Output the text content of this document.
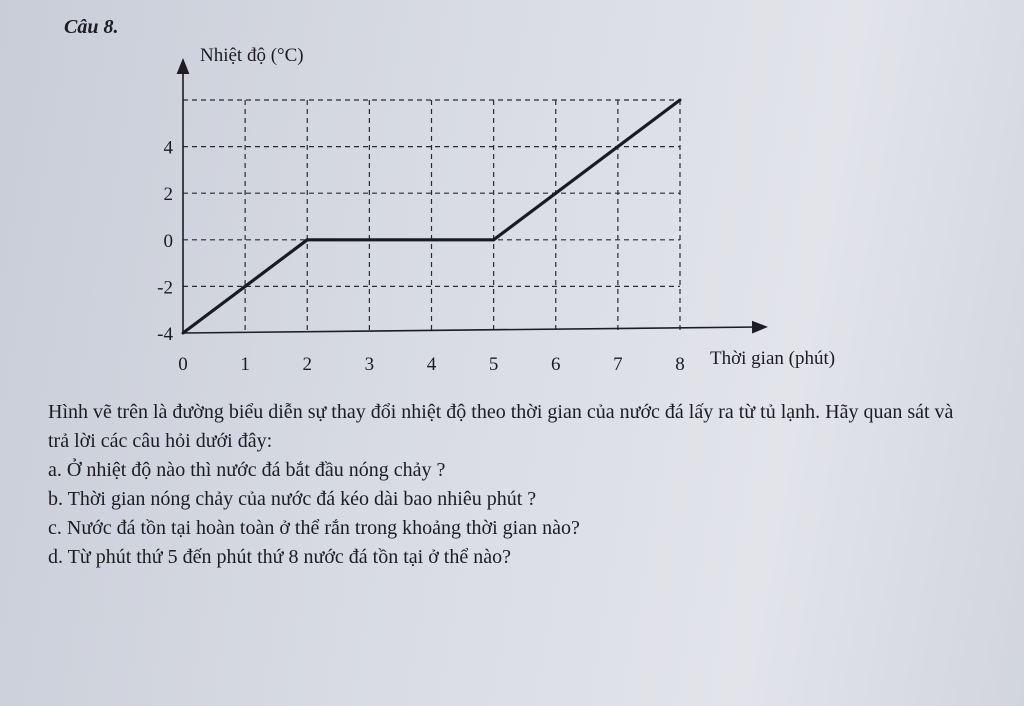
Câu 8.
0	1	2	3	4	5	6	7	8
-4
-2
0
2
4
Nhiệt độ (°C)
Thời gian (phút)

Hình vẽ trên là đường biểu diễn sự thay đổi nhiệt độ theo thời gian của nước đá lấy ra từ tủ lạnh. Hãy quan sát và trả lời các câu hỏi dưới đây:

a. Ở nhiệt độ nào thì nước đá bắt đầu nóng chảy ?
b. Thời gian nóng chảy của nước đá kéo dài bao nhiêu phút ?
c. Nước đá tồn tại hoàn toàn ở thể rắn trong khoảng thời gian nào?
d. Từ phút thứ 5 đến phút thứ 8 nước đá tồn tại ở thể nào?
